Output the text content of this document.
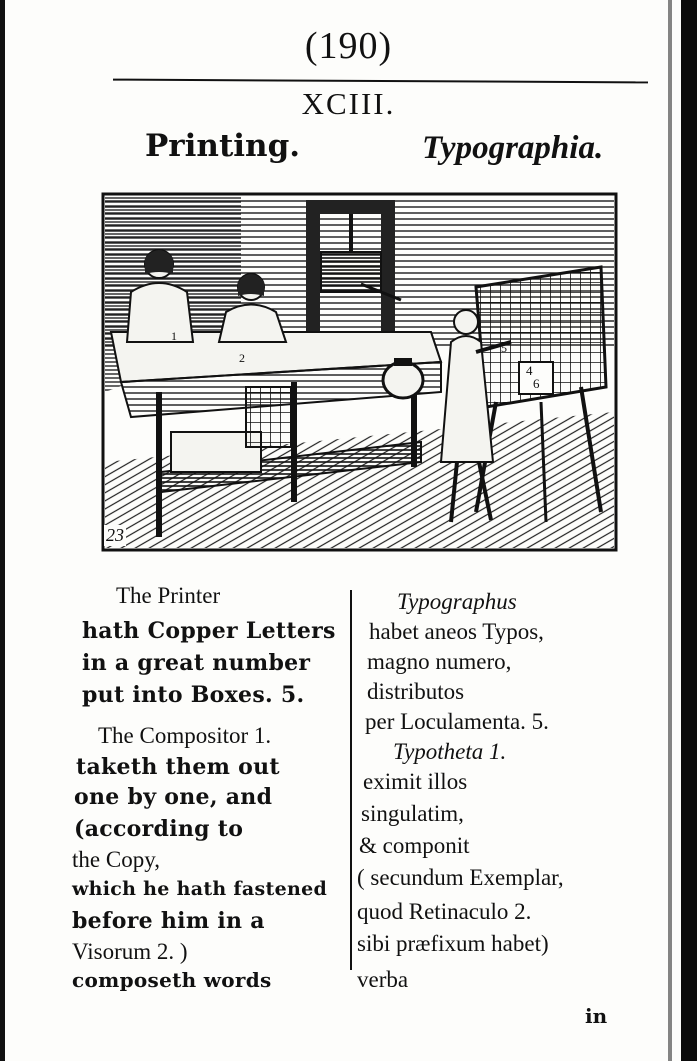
(190)
XCIII.
Printing.	Typographia.
1
2
4
5
6
23
The Printer
hath Copper Letters
in a great number
put into Boxes. 5.
The Compositor 1.
taketh them out
one by one, and
(according to
the Copy,
which he hath fastened
before him in a
Visorum 2. )
composeth words
Typographus
habet aneos Typos,
magno numero,
distributos
per Loculamenta. 5.
Typotheta 1.
eximit illos
singulatim,
& componit
( secundum Exemplar,
quod Retinaculo 2.
sibi præfixum habet)
verba
in
